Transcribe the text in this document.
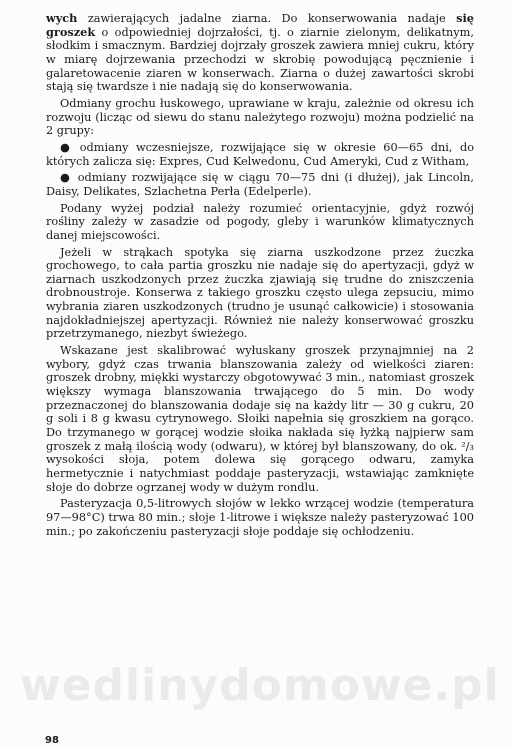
wych zawierających jadalne ziarna. Do konserwowania nadaje się groszek o odpowiedniej dojrzałości, tj. o ziarnie zielonym, delikatnym, słodkim i smacznym. Bardziej dojrzały groszek zawiera mniej cukru, który w miarę dojrzewania przechodzi w skrobię powodującą pęcznienie i galaretowacenie ziaren w konserwach. Ziarna o dużej zawartości skrobi stają się twardsze i nie nadają się do konserwowania.

Odmiany grochu łuskowego, uprawiane w kraju, zależnie od okresu ich rozwoju (licząc od siewu do stanu należytego rozwoju) można podzielić na 2 grupy:

● odmiany wczesniejsze, rozwijające się w okresie 60—65 dni, do których zalicza się: Expres, Cud Kelwedonu, Cud Ameryki, Cud z Witham,
● odmiany rozwijające się w ciągu 70—75 dni (i dłużej), jak Lincoln, Daisy, Delikates, Szlachetna Perła (Edelperle).

Podany wyżej podział należy rozumieć orientacyjnie, gdyż rozwój rośliny zależy w zasadzie od pogody, gleby i warunków klimatycznych danej miejscowości.

Jeżeli w strąkach spotyka się ziarna uszkodzone przez żuczka grochowego, to cała partia groszku nie nadaje się do apertyzacji, gdyż w ziarnach uszkodzonych przez żuczka zjawiają się trudne do zniszczenia drobnoustroje. Konserwa z takiego groszku często ulega zepsuciu, mimo wybrania ziaren uszkodzonych (trudno je usunąć całkowicie) i stosowania najdokładniejszej apertyzacji. Również nie należy konserwować groszku przetrzymanego, niezbyt świeżego.

Wskazane jest skalibrować wyłuskany groszek przynajmniej na 2 wybory, gdyż czas trwania blanszowania zależy od wielkości ziaren: groszek drobny, miękki wystarczy obgotowywać 3 min., natomiast groszek większy wymaga blanszowania trwającego do 5 min. Do wody przeznaczonej do blanszowania dodaje się na każdy litr — 30 g cukru, 20 g soli i 8 g kwasu cytrynowego. Słoiki napełnia się groszkiem na gorąco. Do trzymanego w gorącej wodzie słoika nakłada się łyżką najpierw sam groszek z małą ilością wody (odwaru), w której był blanszowany, do ok. ²/₃ wysokości słoja, potem dolewa się gorącego odwaru, zamyka hermetycznie i natychmiast poddaje pasteryzacji, wstawiając zamknięte słoje do dobrze ogrzanej wody w dużym rondlu.

Pasteryzacja 0,5-litrowych słojów w lekko wrzącej wodzie (temperatura 97—98°C) trwa 80 min.; słoje 1-litrowe i większe należy pasteryzować 100 min.; po zakończeniu pasteryzacji słoje poddaje się ochłodzeniu.

wedlinydomowe.pl
98
